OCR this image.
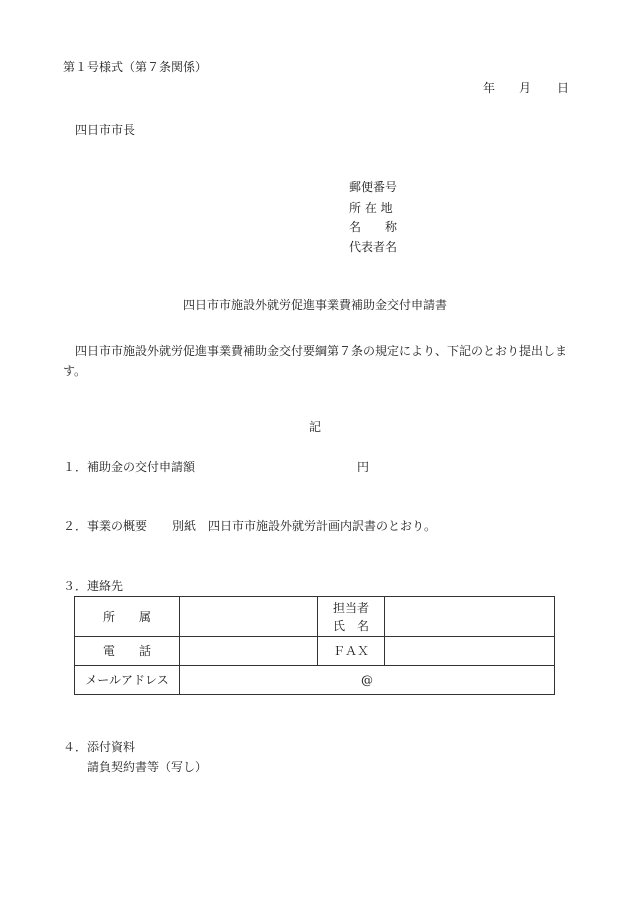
第１号様式（第７条関係）
年 月 日
四日市市長
郵便番号
所 在 地
名　　称
代表者名
四日市市施設外就労促進事業費補助金交付申請書
四日市市施設外就労促進事業費補助金交付要綱第７条の規定により、下記のとおり提出します。
記
１．補助金の交付申請額	円
２．事業の概要 別紙　四日市市施設外就労計画内訳書のとおり。
３．連絡先
所　　属		担当者
氏　名	

電　　話		ＦＡＸ	
メールアドレス	@		
４．添付資料
請負契約書等（写し）
